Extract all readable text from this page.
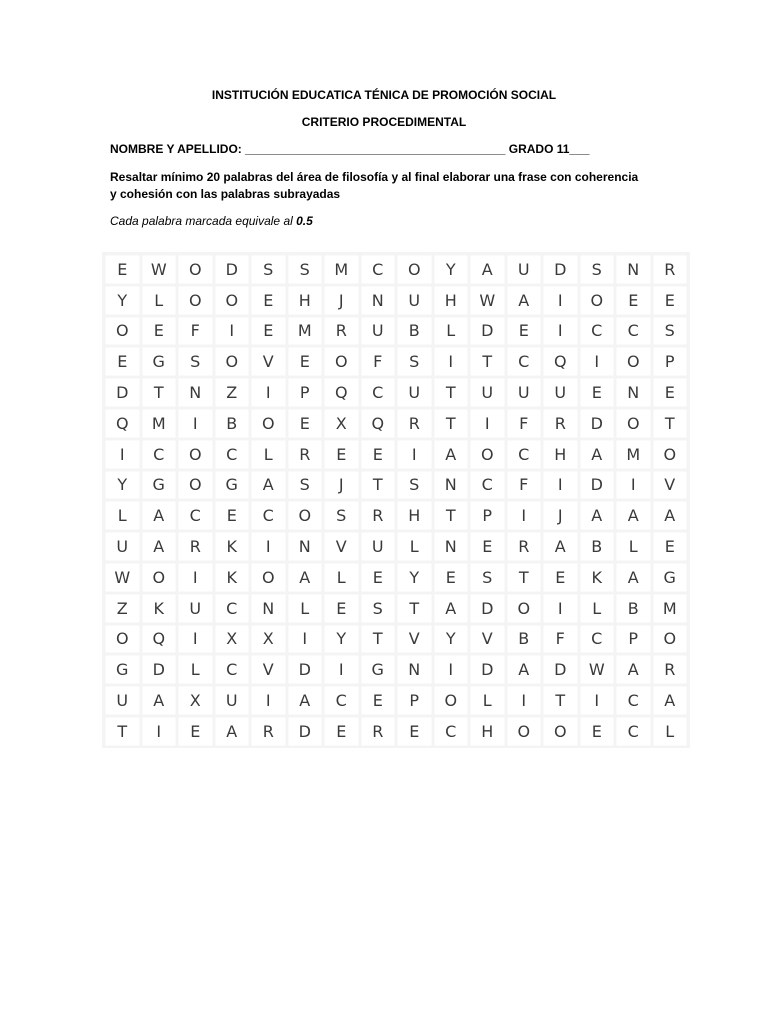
INSTITUCIÓN EDUCATICA TÉNICA DE PROMOCIÓN SOCIAL
CRITERIO PROCEDIMENTAL
NOMBRE Y APELLIDO: _______________________________________ GRADO 11___
Resaltar mínimo 20 palabras del área de filosofía y al final elaborar una frase con coherencia
y cohesión con las palabras subrayadas
Cada palabra marcada equivale al 0.5
E	W	O	D	S	S	M	C	O	Y	A	U	D	S	N	R
Y	L	O	O	E	H	J	N	U	H	W	A	I	O	E	E
O	E	F	I	E	M	R	U	B	L	D	E	I	C	C	S
E	G	S	O	V	E	O	F	S	I	T	C	Q	I	O	P
D	T	N	Z	I	P	Q	C	U	T	U	U	U	E	N	E
Q	M	I	B	O	E	X	Q	R	T	I	F	R	D	O	T
I	C	O	C	L	R	E	E	I	A	O	C	H	A	M	O
Y	G	O	G	A	S	J	T	S	N	C	F	I	D	I	V
L	A	C	E	C	O	S	R	H	T	P	I	J	A	A	A
U	A	R	K	I	N	V	U	L	N	E	R	A	B	L	E
W	O	I	K	O	A	L	E	Y	E	S	T	E	K	A	G
Z	K	U	C	N	L	E	S	T	A	D	O	I	L	B	M
O	Q	I	X	X	I	Y	T	V	Y	V	B	F	C	P	O
G	D	L	C	V	D	I	G	N	I	D	A	D	W	A	R
U	A	X	U	I	A	C	E	P	O	L	I	T	I	C	A
T	I	E	A	R	D	E	R	E	C	H	O	O	E	C	L
